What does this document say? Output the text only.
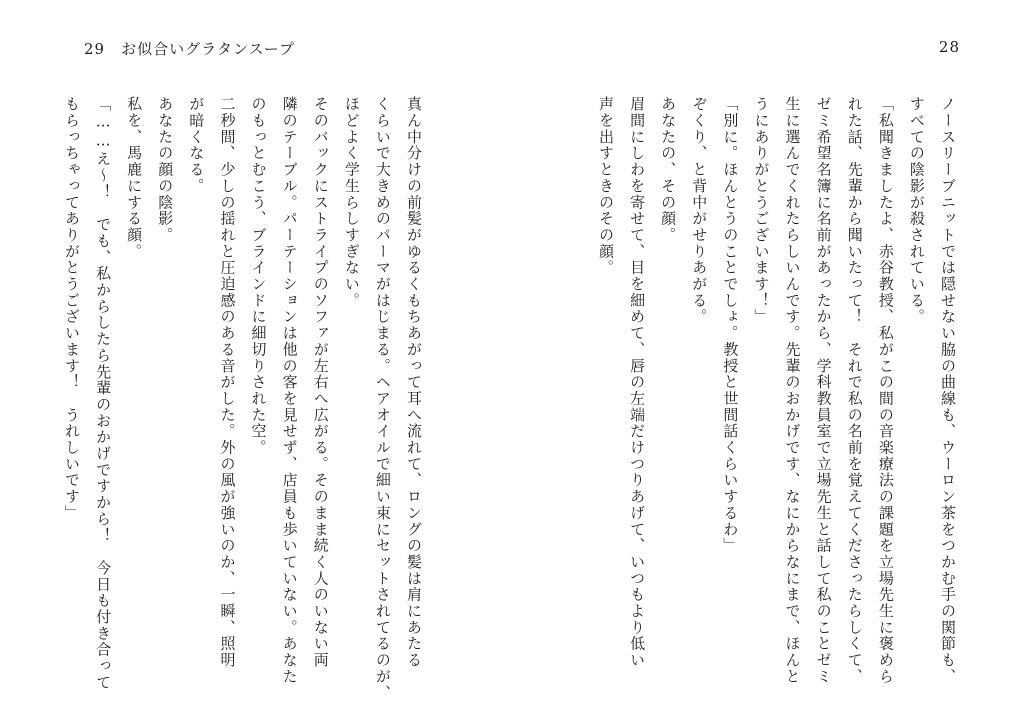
29 お似合いグラタンスープ
真ん中分けの前髪がゆるくもちあがって耳へ流れて、ロングの髪は肩にあたる
くらいで大きめのパーマがはじまる。ヘアオイルで細い束にセットされてるのが、
ほどよく学生らしすぎない。
そのバックにストライプのソファが左右へ広がる。そのまま続く人のいない両
隣のテーブル。パーテーションは他の客を見せず、店員も歩いていない。あなた
のもっとむこう、ブラインドに細切りされた空。
二秒間、少しの揺れと圧迫感のある音がした。外の風が強いのか、一瞬、照明
が暗くなる。
あなたの顔の陰影。
私を、馬鹿にする顔。
「……え〜！　でも、私からしたら先輩のおかげですから！　今日も付き合って
もらっちゃってありがとうございます！　うれしいです」
28
ノースリーブニットでは隠せない脇の曲線も、ウーロン茶をつかむ手の関節も、
すべての陰影が殺されている。
「私聞きましたよ、赤谷教授、私がこの間の音楽療法の課題を立場先生に褒めら
れた話、先輩から聞いたって！　それで私の名前を覚えてくださったらしくて、
ゼミ希望名簿に名前があったから、学科教員室で立場先生と話して私のことゼミ
生に選んでくれたらしいんです。先輩のおかげです、なにからなにまで、ほんと
うにありがとうございます！」
「別に。ほんとうのことでしょ。教授と世間話くらいするわ」
ぞくり、と背中がせりあがる。
あなたの、その顔。
眉間にしわを寄せて、目を細めて、唇の左端だけつりあげて、いつもより低い
声を出すときのその顔。
